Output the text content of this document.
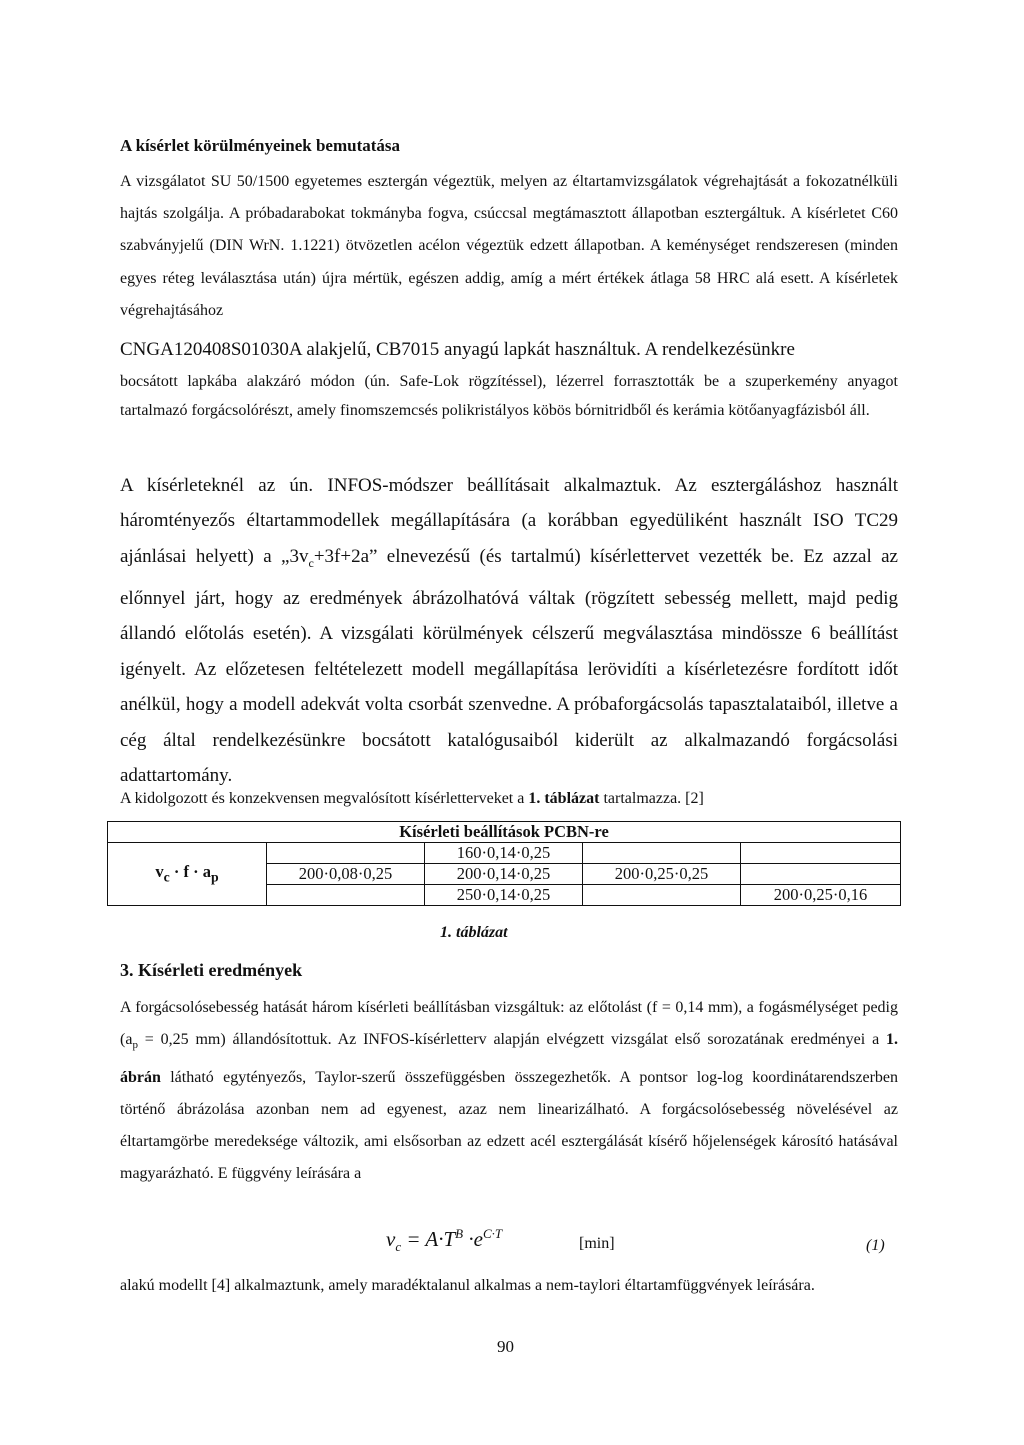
A kísérlet körülményeinek bemutatása

A vizsgálatot SU 50/1500 egyetemes esztergán végeztük, melyen az éltartamvizsgálatok végrehajtását a fokozatnélküli hajtás szolgálja. A próbadarabokat tokmányba fogva, csúccsal megtámasztott állapotban esztergáltuk. A kísérletet C60 szabványjelű (DIN WrN. 1.1221) ötvözetlen acélon végeztük edzett állapotban. A keménységet rendszeresen (minden egyes réteg leválasztása után) újra mértük, egészen addig, amíg a mért értékek átlaga 58 HRC alá esett. A kísérletek végrehajtásához

CNGA120408S01030A alakjelű, CB7015 anyagú lapkát használtuk. A rendelkezésünkre

bocsátott lapkába alakzáró módon (ún. Safe-Lok rögzítéssel), lézerrel forrasztották be a szuperkemény anyagot tartalmazó forgácsolórészt, amely finomszemcsés polikristályos köbös bórnitridből és kerámia kötőanyagfázisból áll.

A kísérleteknél az ún. INFOS-módszer beállításait alkalmaztuk. Az esztergáláshoz használt háromtényezős éltartammodellek megállapítására (a korábban egyedüliként használt ISO TC29 ajánlásai helyett) a $„3v_c+3f+2a$” elnevezésű (és tartalmú) kísérlettervet vezették be. Ez azzal az előnnyel járt, hogy az eredmények ábrázolhatóvá váltak (rögzített sebesség mellett, majd pedig állandó előtolás esetén). A vizsgálati körülmények célszerű megválasztása mindössze 6 beállítást igényelt. Az előzetesen feltételezett modell megállapítása lerövidíti a kísérletezésre fordított időt anélkül, hogy a modell adekvát volta csorbát szenvedne. A próbaforgácsolás tapasztalataiból, illetve a cég által rendelkezésünkre bocsátott katalógusaiból kiderült az alkalmazandó forgácsolási adattartomány.

A kidolgozott és konzekvensen megvalósított kísérletterveket a 1. táblázat tartalmazza. [2]
Kísérleti beállítások PCBN-re				
$v_c \cdot f \cdot a_p$		160·0,14·0,25		
	200·0,08·0,25	200·0,14·0,25	200·0,25·0,25	
		250·0,14·0,25		200·0,25·0,16
1. táblázat
3. Kísérleti eredmények

A forgácsolósebesség hatását három kísérleti beállításban vizsgáltuk: az előtolást (f = 0,14 mm), a fogásmélységet pedig ($a_p = 0,25$ mm) állandósítottuk. Az INFOS-kísérletterv alapján elvégzett vizsgálat első sorozatának eredményei a 1. ábrán látható egytényezős, Taylor-szerű összefüggésben összegezhetők. A pontsor log-log koordinátarendszerben történő ábrázolása azonban nem ad egyenest, azaz nem linearizálható. A forgácsolósebesség növelésével az éltartamgörbe meredeksége változik, ami elsősorban az edzett acél esztergálását kísérő hőjelenségek károsító hatásával magyarázható. E függvény leírására a

$v_c = A\cdot T^B \cdot e^{C\cdot T}$
[min]	(1)

alakú modellt [4] alkalmaztunk, amely maradéktalanul alkalmas a nem-taylori éltartamfüggvények leírására.

90
